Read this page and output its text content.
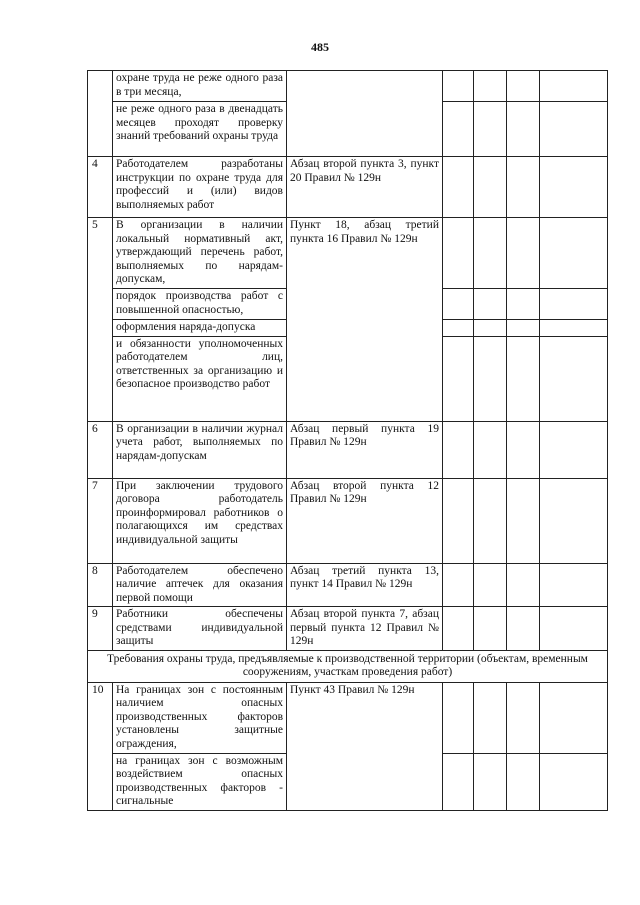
485

	охране труда не реже одного раза в три месяца,					

	не реже одного раза в двенадцать месяцев проходят проверку знаний требований охраны труда					

4	Работодателем разработаны инструкции по охране труда для профессий и (или) видов выполняемых работ	Абзац второй пункта 3, пункт 20 Правил № 129н				
5	В организации в наличии локальный нормативный акт, утверждающий перечень работ, выполняемых по нарядам-допускам,	Пункт 18, абзац третий пункта 16 Правил № 129н				

	порядок производства работ с повышенной опасностью,					

	оформления наряда-допуска					

	и обязанности уполномоченных работодателем лиц, ответственных за организацию и безопасное производство работ					

6	В организации в наличии журнал учета работ, выполняемых по нарядам-допускам	Абзац первый пункта 19 Правил № 129н				
7	При заключении трудового договора работодатель проинформировал работников о полагающихся им средствах индивидуальной защиты	Абзац второй пункта 12 Правил № 129н				
8	Работодателем обеспечено наличие аптечек для оказания первой помощи	Абзац третий пункта 13, пункт 14 Правил № 129н				
9	Работники обеспечены средствами индивидуальной защиты	Абзац второй пункта 7, абзац первый пункта 12 Правил № 129н				
Требования охраны труда, предъявляемые к производственной территории (объектам, временным сооружениям, участкам проведения работ)						
10	На границах зон с постоянным наличием опасных производственных факторов установлены защитные ограждения,	Пункт 43 Правил № 129н				

	на границах зон с возможным воздействием опасных производственных факторов - сигнальные					
